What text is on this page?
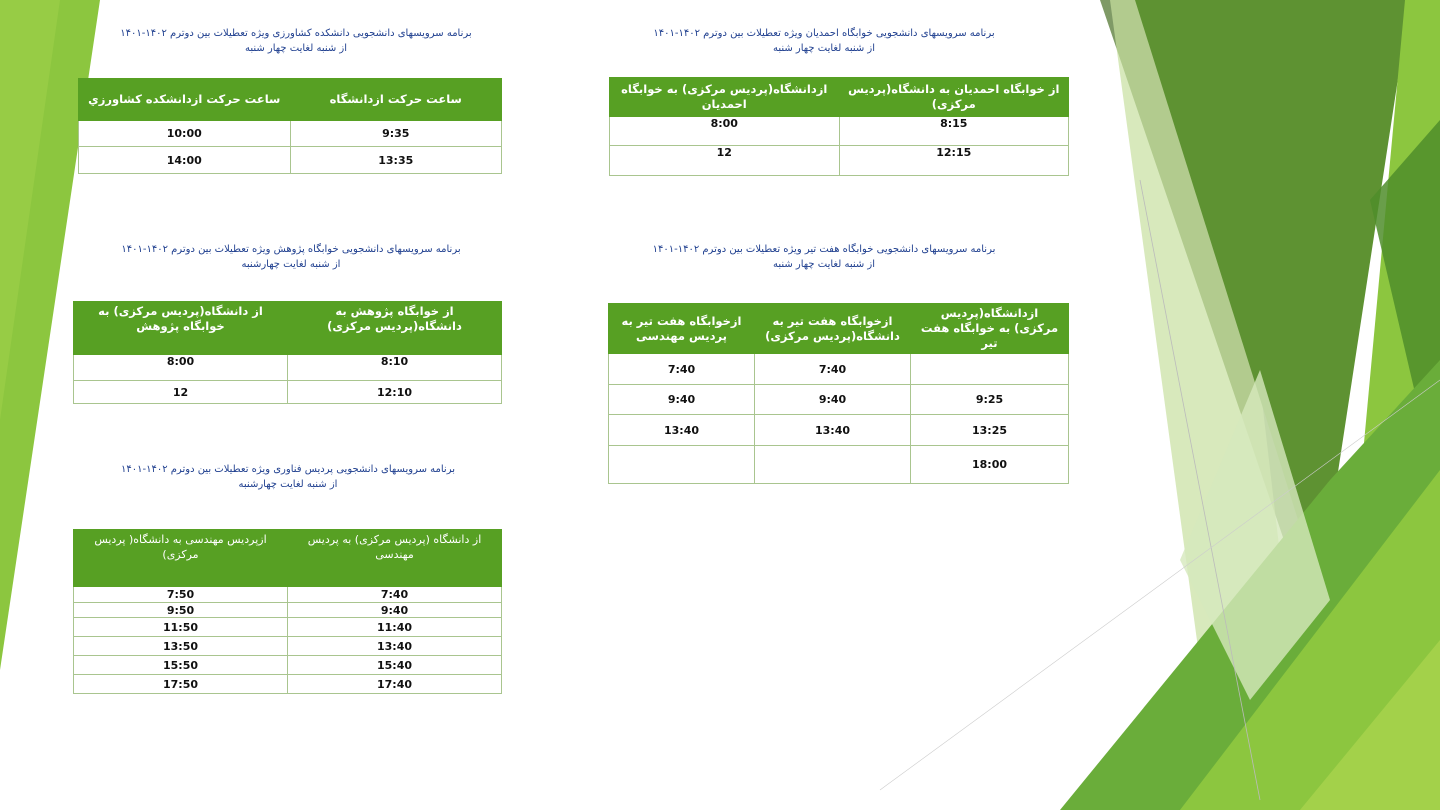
برنامه سرویسهای دانشجویی دانشکده کشاورزی ویژه تعطیلات بین دوترم ۱۴۰۲-۱۴۰۱
از شنبه لغایت چهار شنبه
ساعت حرکت ازدانشگاه	ساعت حرکت ازدانشکده کشاورزي
9:35	10:00
13:35	14:00
برنامه سرویسهای دانشجویی خوابگاه احمدیان ویژه تعطیلات بین دوترم ۱۴۰۲-۱۴۰۱
از شنبه لغایت چهار شنبه
از خوابگاه احمدیان به دانشگاه(پردیس مرکزی)	ازدانشگاه(پردیس مرکزی) به خوابگاه احمدیان
8:15	8:00
12:15	12
برنامه سرویسهای دانشجویی خوابگاه پژوهش ویژه تعطیلات بین دوترم ۱۴۰۲-۱۴۰۱
از شنبه لغایت چهارشنبه
از خوابگاه پژوهش به دانشگاه(پردیس مرکزی)	از دانشگاه(پردیس مرکزی) به خوابگاه پژوهش
8:10	8:00
12:10	12
برنامه سرویسهای دانشجویی خوابگاه هفت تیر ویژه تعطیلات بین دوترم ۱۴۰۲-۱۴۰۱
از شنبه لغایت چهار شنبه
ازدانشگاه(پردیس مرکزی) به خوابگاه هفت تیر	ازخوابگاه هفت تیر به دانشگاه(پردیس مرکزی)	ازخوابگاه هفت تیر به پردیس مهندسی
	7:40	7:40
9:25	9:40	9:40
13:25	13:40	13:40
18:00		
برنامه سرویسهای دانشجویی پردیس فناوری ویژه تعطیلات بین دوترم ۱۴۰۲-۱۴۰۱
از شنبه لغایت چهارشنبه
از دانشگاه (پردیس مرکزی) به پردیس مهندسی	ازپردیس مهندسی به دانشگاه( پردیس مرکزی)
7:40	7:50
9:40	9:50
11:40	11:50
13:40	13:50
15:40	15:50
17:40	17:50
